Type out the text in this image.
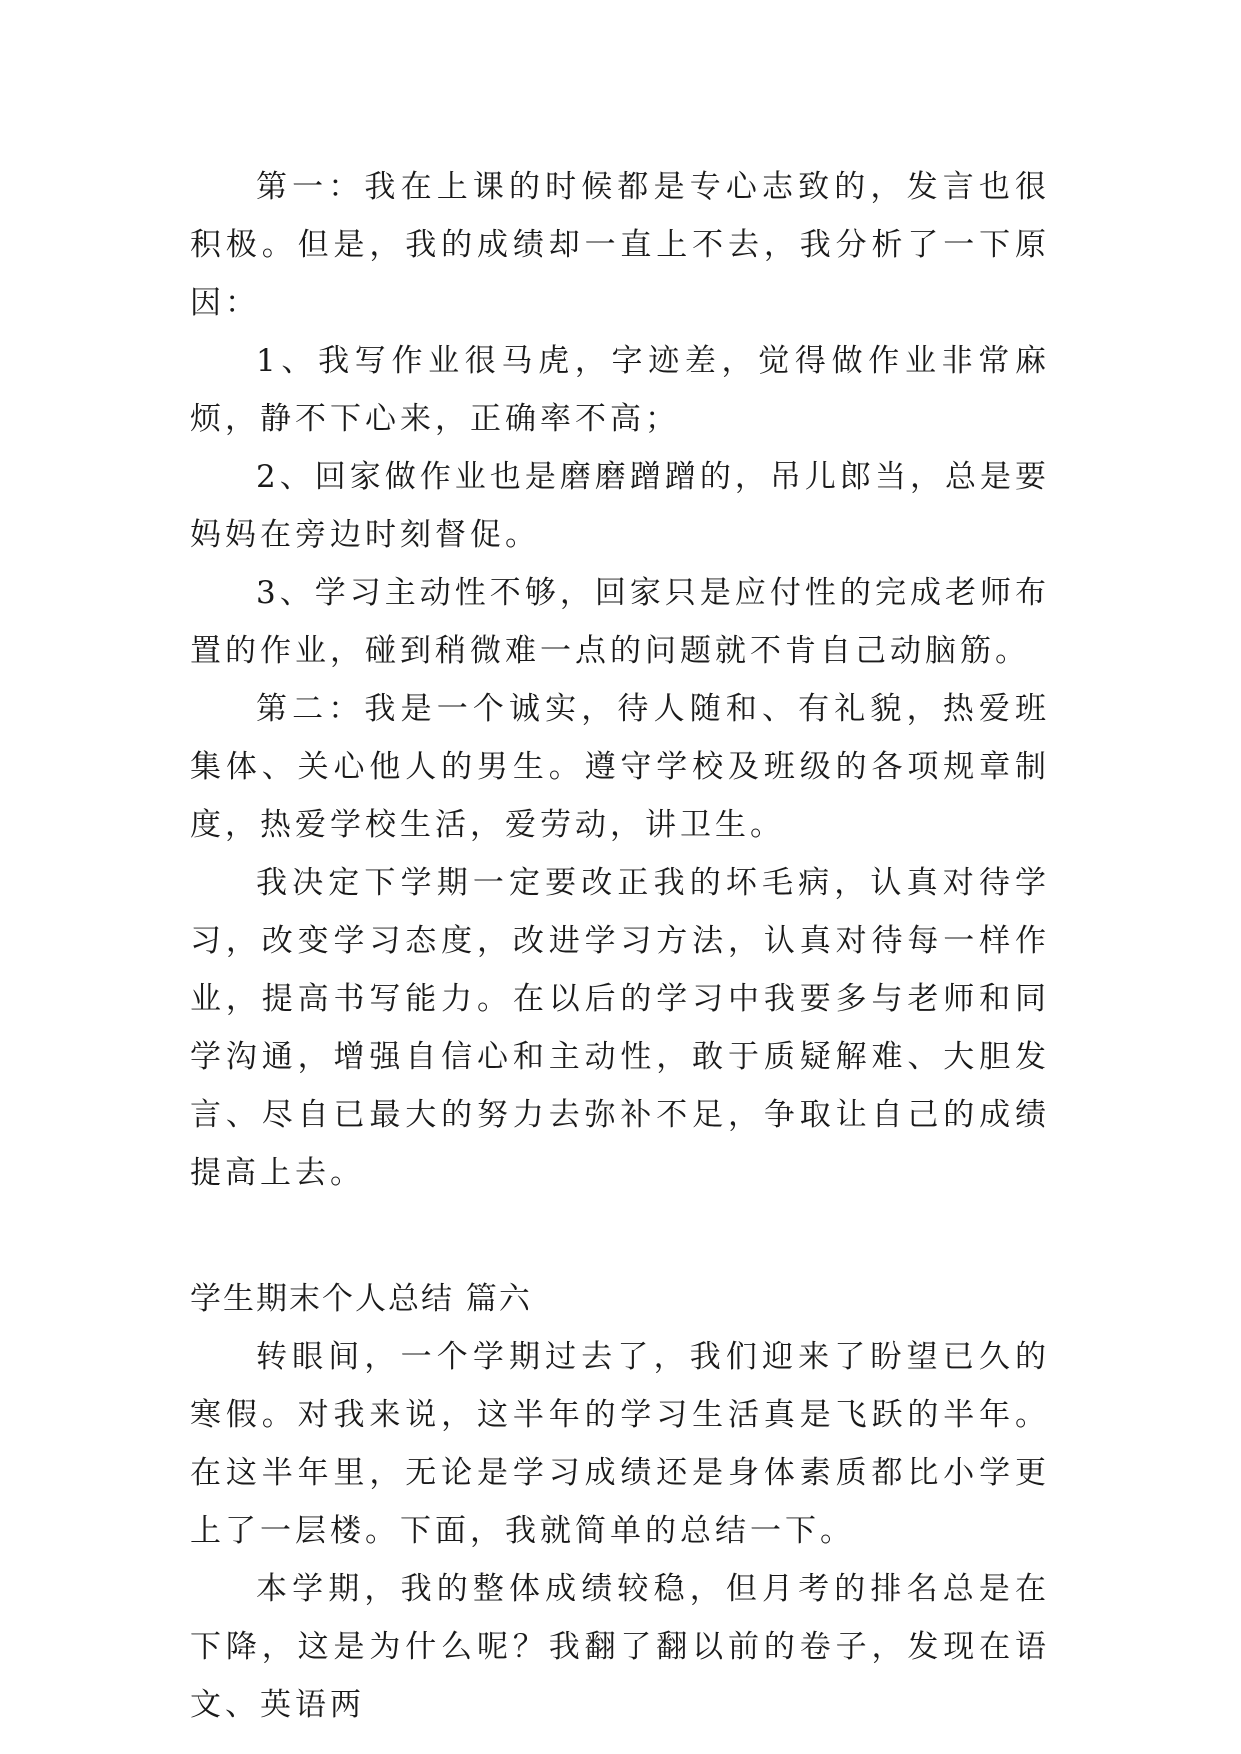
第一：我在上课的时候都是专心志致的，发言也很积极。但是，我的成绩却一直上不去，我分析了一下原因：

1、我写作业很马虎，字迹差，觉得做作业非常麻烦，静不下心来，正确率不高；

2、回家做作业也是磨磨蹭蹭的，吊儿郎当，总是要妈妈在旁边时刻督促。

3、学习主动性不够，回家只是应付性的完成老师布置的作业，碰到稍微难一点的问题就不肯自己动脑筋。

第二：我是一个诚实，待人随和、有礼貌，热爱班集体、关心他人的男生。遵守学校及班级的各项规章制度，热爱学校生活，爱劳动，讲卫生。

我决定下学期一定要改正我的坏毛病，认真对待学习，改变学习态度，改进学习方法，认真对待每一样作业，提高书写能力。在以后的学习中我要多与老师和同学沟通，增强自信心和主动性，敢于质疑解难、大胆发言、尽自已最大的努力去弥补不足，争取让自己的成绩提高上去。

学生期末个人总结 篇六

转眼间，一个学期过去了，我们迎来了盼望已久的寒假。对我来说，这半年的学习生活真是飞跃的半年。在这半年里，无论是学习成绩还是身体素质都比小学更上了一层楼。下面，我就简单的总结一下。

本学期，我的整体成绩较稳，但月考的排名总是在下降，这是为什么呢？我翻了翻以前的卷子，发现在语文、英语两
